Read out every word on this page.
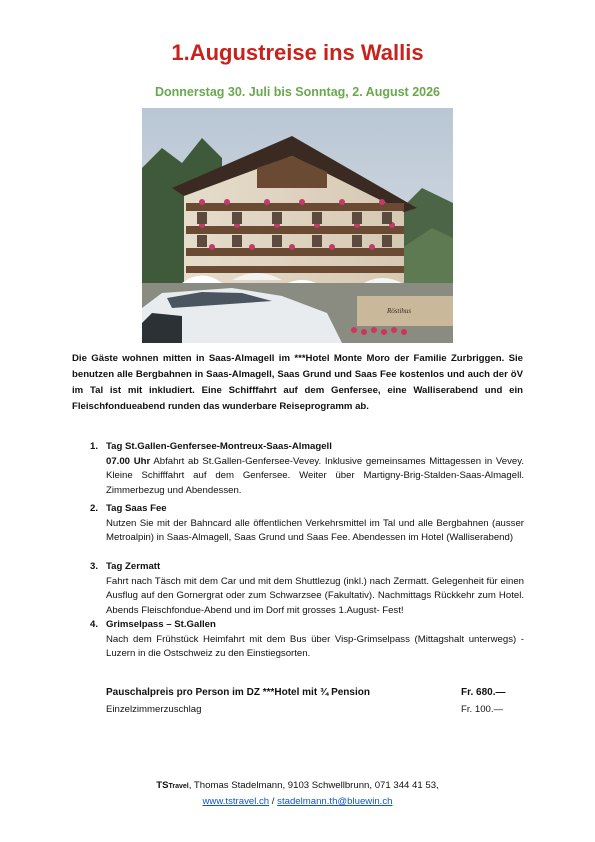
1.Augustreise ins Wallis

Donnerstag 30. Juli bis Sonntag, 2. August 2026

Röstihus

Die Gäste wohnen mitten in Saas-Almagell im ***Hotel Monte Moro der Familie Zurbriggen. Sie benutzen alle Bergbahnen in Saas-Almagell, Saas Grund und Saas Fee kostenlos und auch der öV im Tal ist mit inkludiert. Eine Schifffahrt auf dem Genfersee, eine Walliserabend und ein Fleischfondueabend runden das wunderbare Reiseprogramm ab.

1. Tag St.Gallen-Genfersee-Montreux-Saas-Almagell

07.00 Uhr Abfahrt ab St.Gallen-Genfersee-Vevey. Inklusive gemeinsames Mittagessen in Vevey. Kleine Schifffahrt auf dem Genfersee. Weiter über Martigny-Brig-Stalden-Saas-Almagell. Zimmerbezug und Abendessen.

2. Tag Saas Fee

Nutzen Sie mit der Bahncard alle öffentlichen Verkehrsmittel im Tal und alle Bergbahnen (ausser Metroalpin) in Saas-Almagell, Saas Grund und Saas Fee. Abendessen im Hotel (Walliserabend)

3. Tag Zermatt

Fahrt nach Täsch mit dem Car und mit dem Shuttlezug (inkl.) nach Zermatt. Gelegenheit für einen Ausflug auf den Gornergrat oder zum Schwarzsee (Fakultativ). Nachmittags Rückkehr zum Hotel. Abends Fleischfondue-Abend und im Dorf mit grosses 1.August- Fest!

4. Grimselpass – St.Gallen

Nach dem Frühstück Heimfahrt mit dem Bus über Visp-Grimselpass (Mittagshalt unterwegs) - Luzern in die Ostschweiz zu den Einstiegsorten.

Pauschalpreis pro Person im DZ ***Hotel mit ¾ Pension	Fr. 680.—
Einzelzimmerzuschlag	Fr. 100.—
TSTravel, Thomas Stadelmann, 9103 Schwellbrunn, 071 344 41 53,
www.tstravel.ch / stadelmann.th@bluewin.ch
